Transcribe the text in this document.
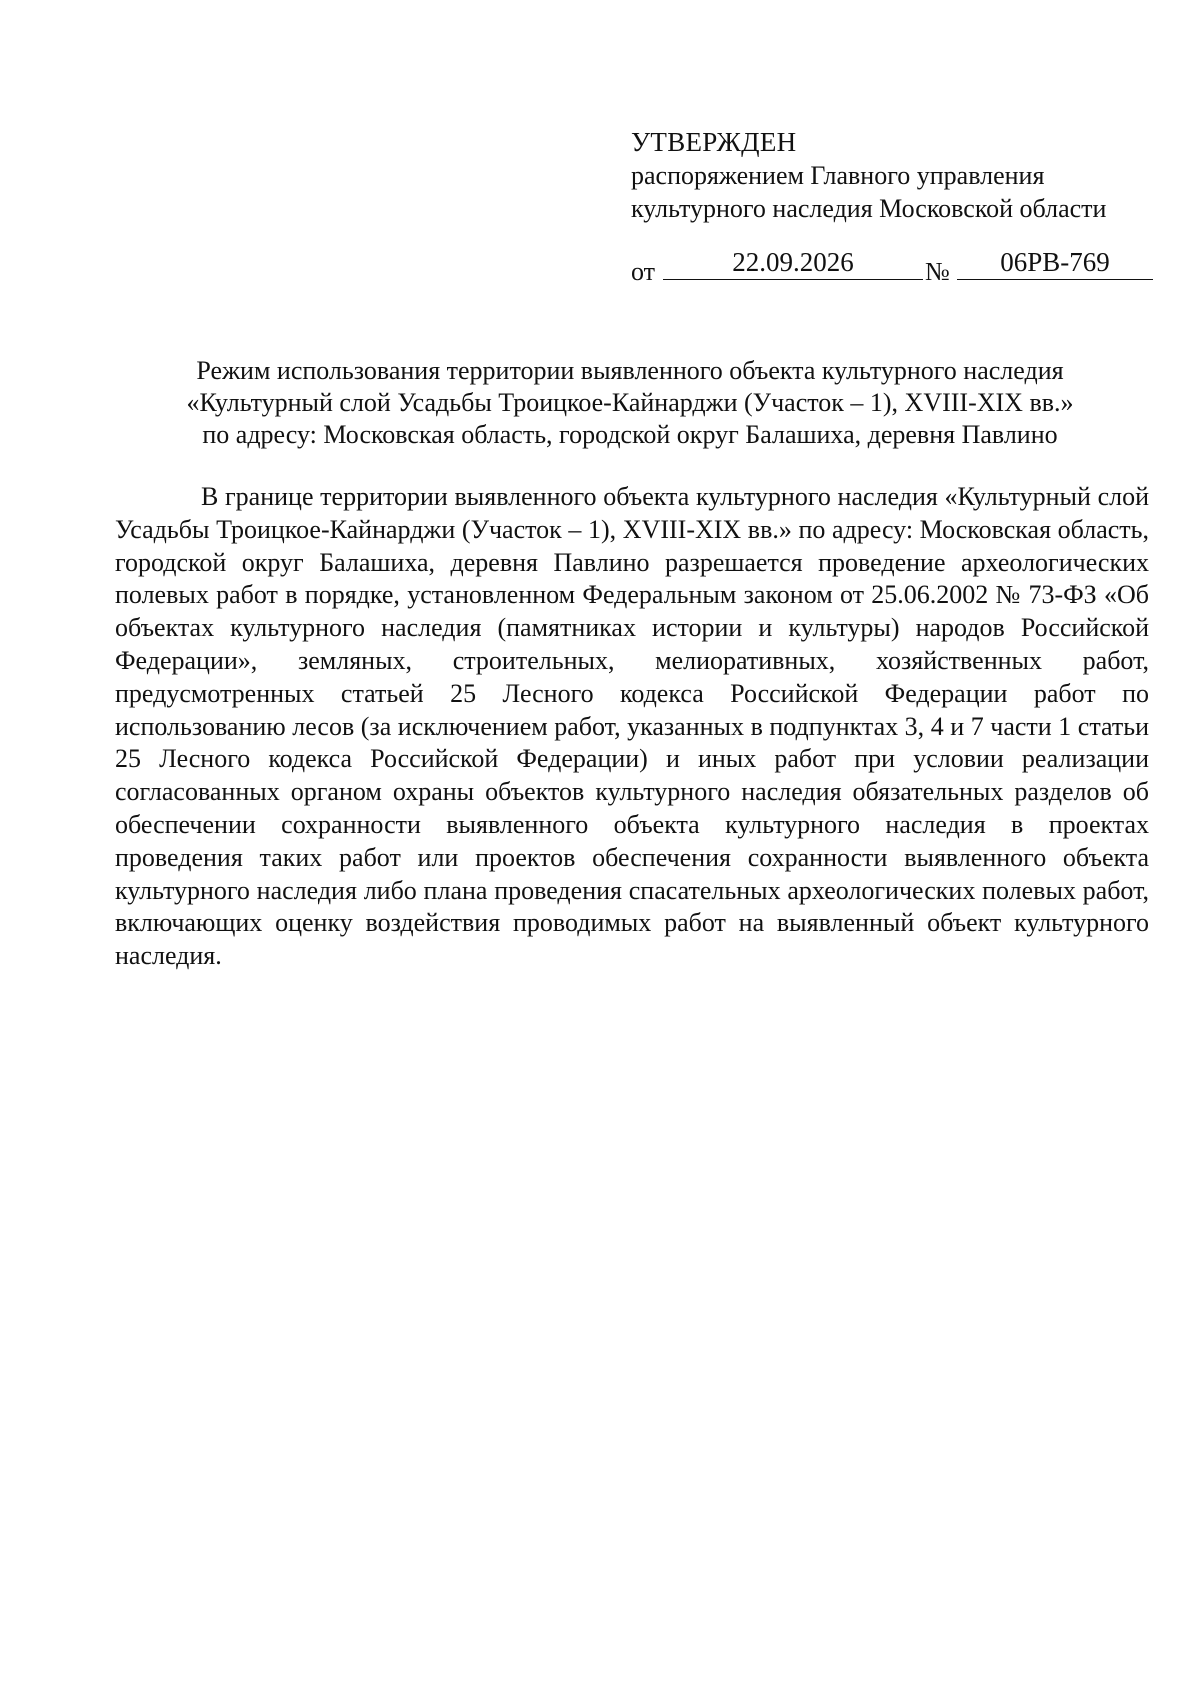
УТВЕРЖДЕН
распоряжением Главного управления
культурного наследия Московской области
от	22.09.2026	№	06РВ-769
Режим использования территории выявленного объекта культурного наследия
«Культурный слой Усадьбы Троицкое-Кайнарджи (Участок – 1), XVIII-XIX вв.»
по адресу: Московская область, городской округ Балашиха, деревня Павлино

В границе территории выявленного объекта культурного наследия «Культурный слой Усадьбы Троицкое-Кайнарджи (Участок – 1), XVIII-XIX вв.» по адресу: Московская область, городской округ Балашиха, деревня Павлино разрешается проведение археологических полевых работ в порядке, установленном Федеральным законом от 25.06.2002 № 73-ФЗ «Об объектах культурного наследия (памятниках истории и культуры) народов Российской Федерации», земляных, строительных, мелиоративных, хозяйственных работ, предусмотренных статьей 25 Лесного кодекса Российской Федерации работ по использованию лесов (за исключением работ, указанных в подпунктах 3, 4 и 7 части 1 статьи 25 Лесного кодекса Российской Федерации) и иных работ при условии реализации согласованных органом охраны объектов культурного наследия обязательных разделов об обеспечении сохранности выявленного объекта культурного наследия в проектах проведения таких работ или проектов обеспечения сохранности выявленного объекта культурного наследия либо плана проведения спасательных археологических полевых работ, включающих оценку воздействия проводимых работ на выявленный объект культурного наследия.
